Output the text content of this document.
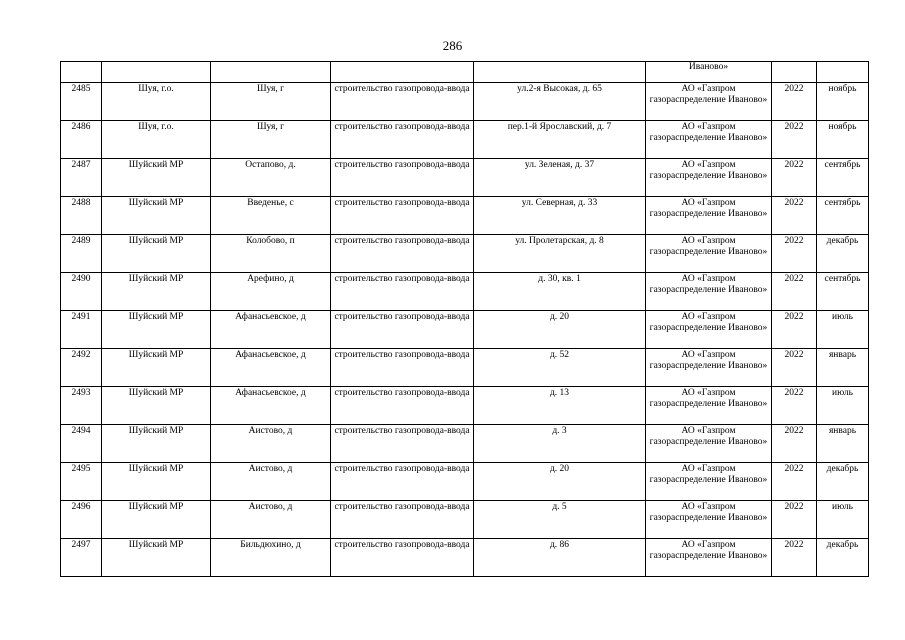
286
					Иваново»		
2485	Шуя, г.о.	Шуя, г	строительство газопровода-ввода	ул.2-я Высокая, д. 65	АО «Газпром газораспределение Иваново»	2022	ноябрь
2486	Шуя, г.о.	Шуя, г	строительство газопровода-ввода	пер.1-й Ярославский, д. 7	АО «Газпром газораспределение Иваново»	2022	ноябрь
2487	Шуйский МР	Остапово, д.	строительство газопровода-ввода	ул. Зеленая, д. 37	АО «Газпром газораспределение Иваново»	2022	сентябрь
2488	Шуйский МР	Введенье, с	строительство газопровода-ввода	ул. Северная, д. 33	АО «Газпром газораспределение Иваново»	2022	сентябрь
2489	Шуйский МР	Колобово, п	строительство газопровода-ввода	ул. Пролетарская, д. 8	АО «Газпром газораспределение Иваново»	2022	декабрь
2490	Шуйский МР	Арефино, д	строительство газопровода-ввода	д. 30, кв. 1	АО «Газпром газораспределение Иваново»	2022	сентябрь
2491	Шуйский МР	Афанасьевское, д	строительство газопровода-ввода	д. 20	АО «Газпром газораспределение Иваново»	2022	июль
2492	Шуйский МР	Афанасьевское, д	строительство газопровода-ввода	д. 52	АО «Газпром газораспределение Иваново»	2022	январь
2493	Шуйский МР	Афанасьевское, д	строительство газопровода-ввода	д. 13	АО «Газпром газораспределение Иваново»	2022	июль
2494	Шуйский МР	Аистово, д	строительство газопровода-ввода	д. 3	АО «Газпром газораспределение Иваново»	2022	январь
2495	Шуйский МР	Аистово, д	строительство газопровода-ввода	д. 20	АО «Газпром газораспределение Иваново»	2022	декабрь
2496	Шуйский МР	Аистово, д	строительство газопровода-ввода	д. 5	АО «Газпром газораспределение Иваново»	2022	июль
2497	Шуйский МР	Бильдюхино, д	строительство газопровода-ввода	д. 86	АО «Газпром газораспределение Иваново»	2022	декабрь
